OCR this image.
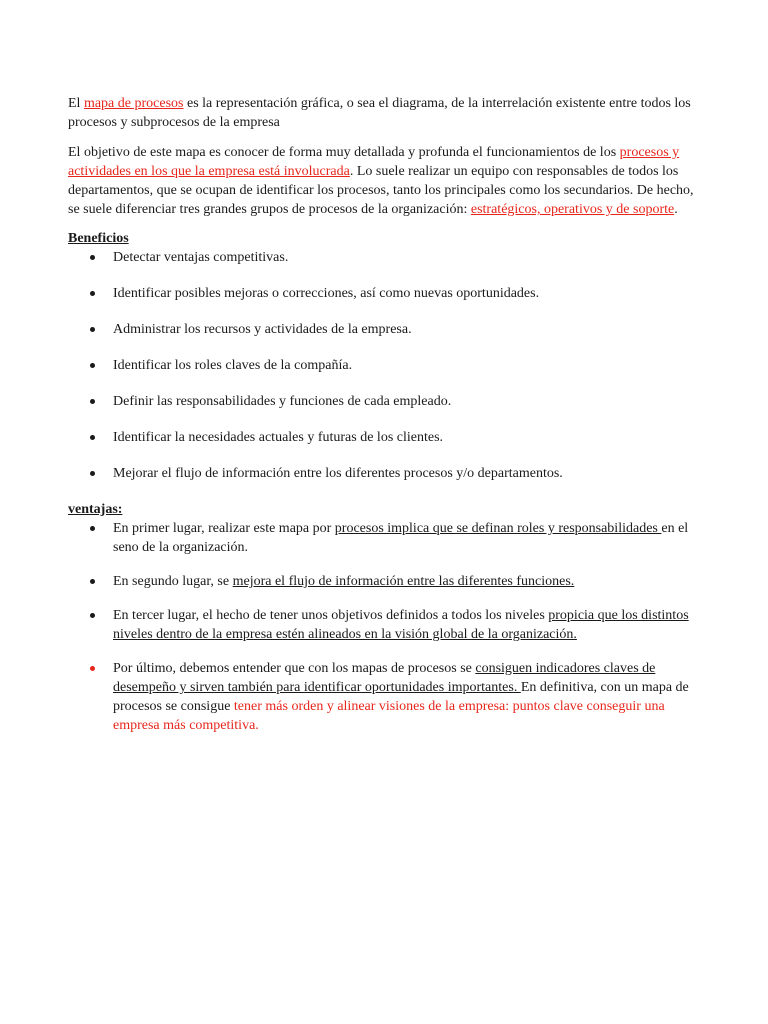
El mapa de procesos es la representación gráfica, o sea el diagrama, de la interrelación existente entre todos los procesos y subprocesos de la empresa

El objetivo de este mapa es conocer de forma muy detallada y profunda el funcionamientos de los procesos y actividades en los que la empresa está involucrada. Lo suele realizar un equipo con responsables de todos los departamentos, que se ocupan de identificar los procesos, tanto los principales como los secundarios. De hecho, se suele diferenciar tres grandes grupos de procesos de la organización: estratégicos, operativos y de soporte.

Beneficios

Detectar ventajas competitivas.
Identificar posibles mejoras o correcciones, así como nuevas oportunidades.
Administrar los recursos y actividades de la empresa.
Identificar los roles claves de la compañía.
Definir las responsabilidades y funciones de cada empleado.
Identificar la necesidades actuales y futuras de los clientes.
Mejorar el flujo de información entre los diferentes procesos y/o departamentos.

ventajas:

En primer lugar, realizar este mapa por procesos implica que se definan roles y responsabilidades en el seno de la organización.
En segundo lugar, se mejora el flujo de información entre las diferentes funciones.
En tercer lugar, el hecho de tener unos objetivos definidos a todos los niveles propicia que los distintos niveles dentro de la empresa estén alineados en la visión global de la organización.
Por último, debemos entender que con los mapas de procesos se consiguen indicadores claves de desempeño y sirven también para identificar oportunidades importantes. En definitiva, con un mapa de procesos se consigue tener más orden y alinear visiones de la empresa: puntos clave conseguir una empresa más competitiva.
